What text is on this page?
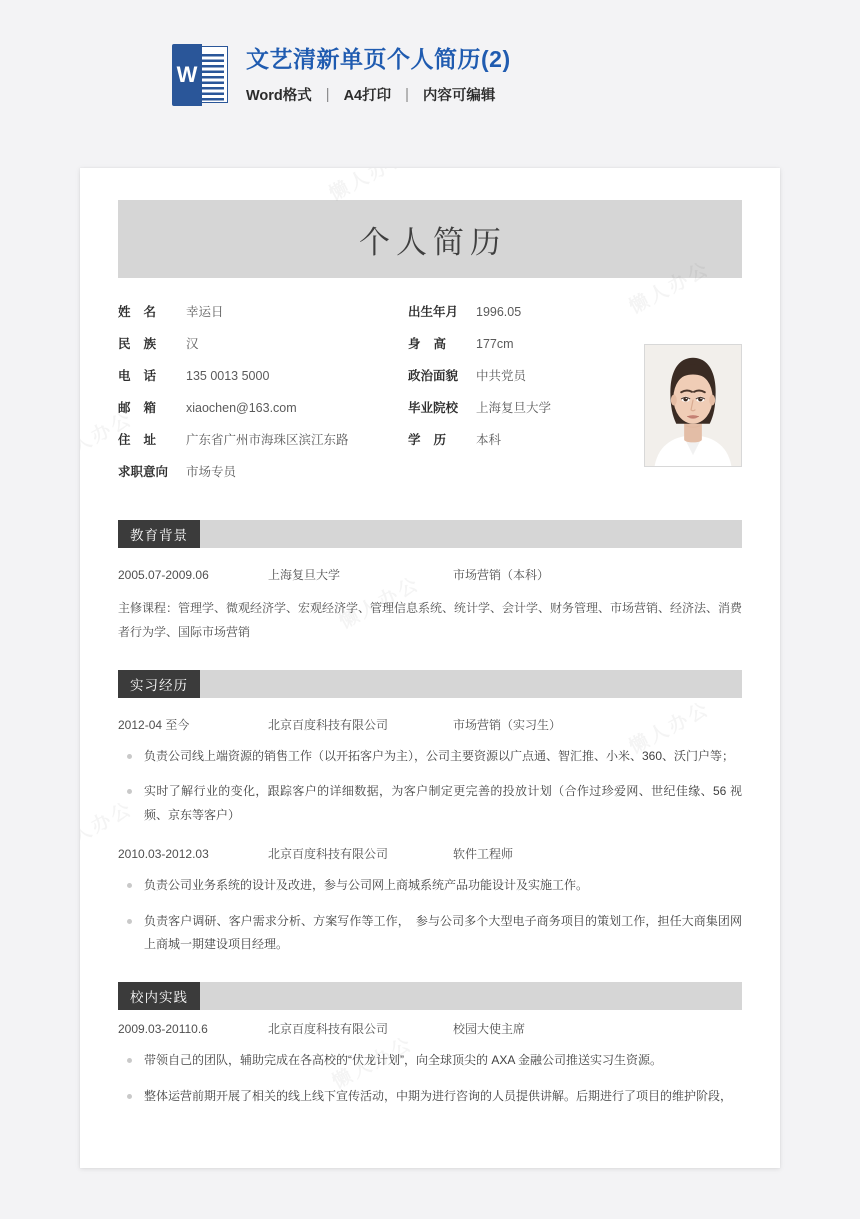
W
文艺清新单页个人简历(2)
Word格式 | A4打印 | 内容可编辑
个人简历
姓 名	幸运日
民 族	汉
电 话	135 0013 5000
邮 箱	xiaochen@163.com
住 址	广东省广州市海珠区滨江东路
求职意向	市场专员
出生年月	1996.05
身 高	177cm
政治面貌	中共党员
毕业院校	上海复旦大学
学 历	本科
教育背景
2005.07-2009.06	上海复旦大学	市场营销（本科）
主修课程：管理学、微观经济学、宏观经济学、管理信息系统、统计学、会计学、财务管理、市场营销、经济法、消费者行为学、国际市场营销
实习经历
2012-04 至今	北京百度科技有限公司	市场营销（实习生）
负责公司线上端资源的销售工作（以开拓客户为主），公司主要资源以广点通、智汇推、小米、360、沃门户等；
实时了解行业的变化，跟踪客户的详细数据，为客户制定更完善的投放计划（合作过珍爱网、世纪佳缘、56 视频、京东等客户）
2010.03-2012.03	北京百度科技有限公司	软件工程师
负责公司业务系统的设计及改进，参与公司网上商城系统产品功能设计及实施工作。
负责客户调研、客户需求分析、方案写作等工作，　参与公司多个大型电子商务项目的策划工作，担任大商集团网上商城一期建设项目经理。
校内实践
2009.03-20110.6	北京百度科技有限公司	校园大使主席
带领自己的团队，辅助完成在各高校的“伏龙计划”，向全球顶尖的 AXA 金融公司推送实习生资源。
整体运营前期开展了相关的线上线下宣传活动，中期为进行咨询的人员提供讲解。后期进行了项目的维护阶段，
